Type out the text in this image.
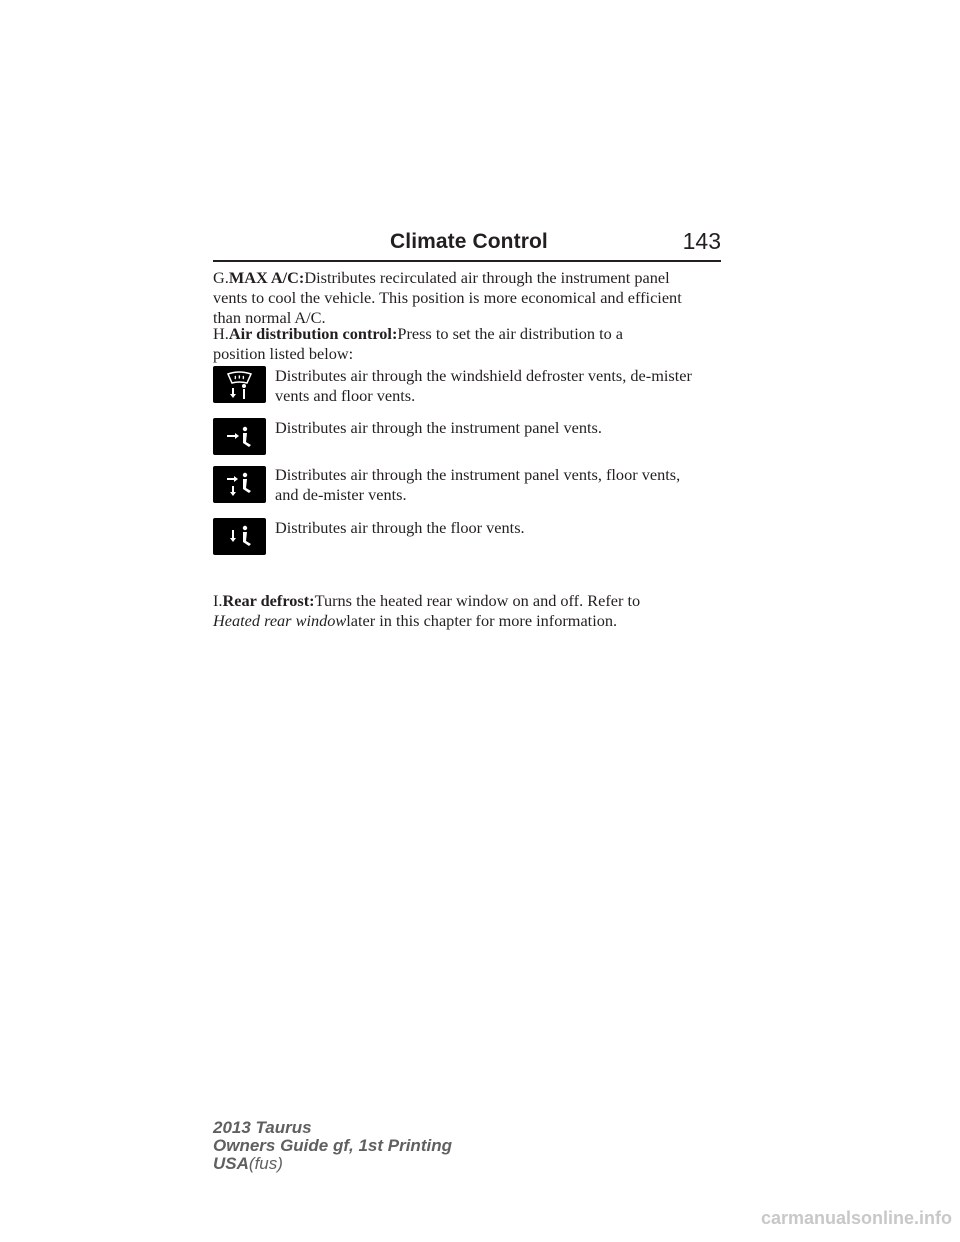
Climate Control	143
G.MAX A/C:Distributes recirculated air through the instrument panel
vents to cool the vehicle. This position is more economical and efficient
than normal A/C.
H.Air distribution control:Press to set the air distribution to a
position listed below:
Distributes air through the windshield defroster vents, de-mister
vents and floor vents.
Distributes air through the instrument panel vents.
Distributes air through the instrument panel vents, floor vents,
and de-mister vents.
Distributes air through the floor vents.
I.Rear defrost:Turns the heated rear window on and off. Refer to
Heated rear windowlater in this chapter for more information.
2013 Taurus
Owners Guide gf, 1st Printing
USA(fus)
carmanualsonline.info
